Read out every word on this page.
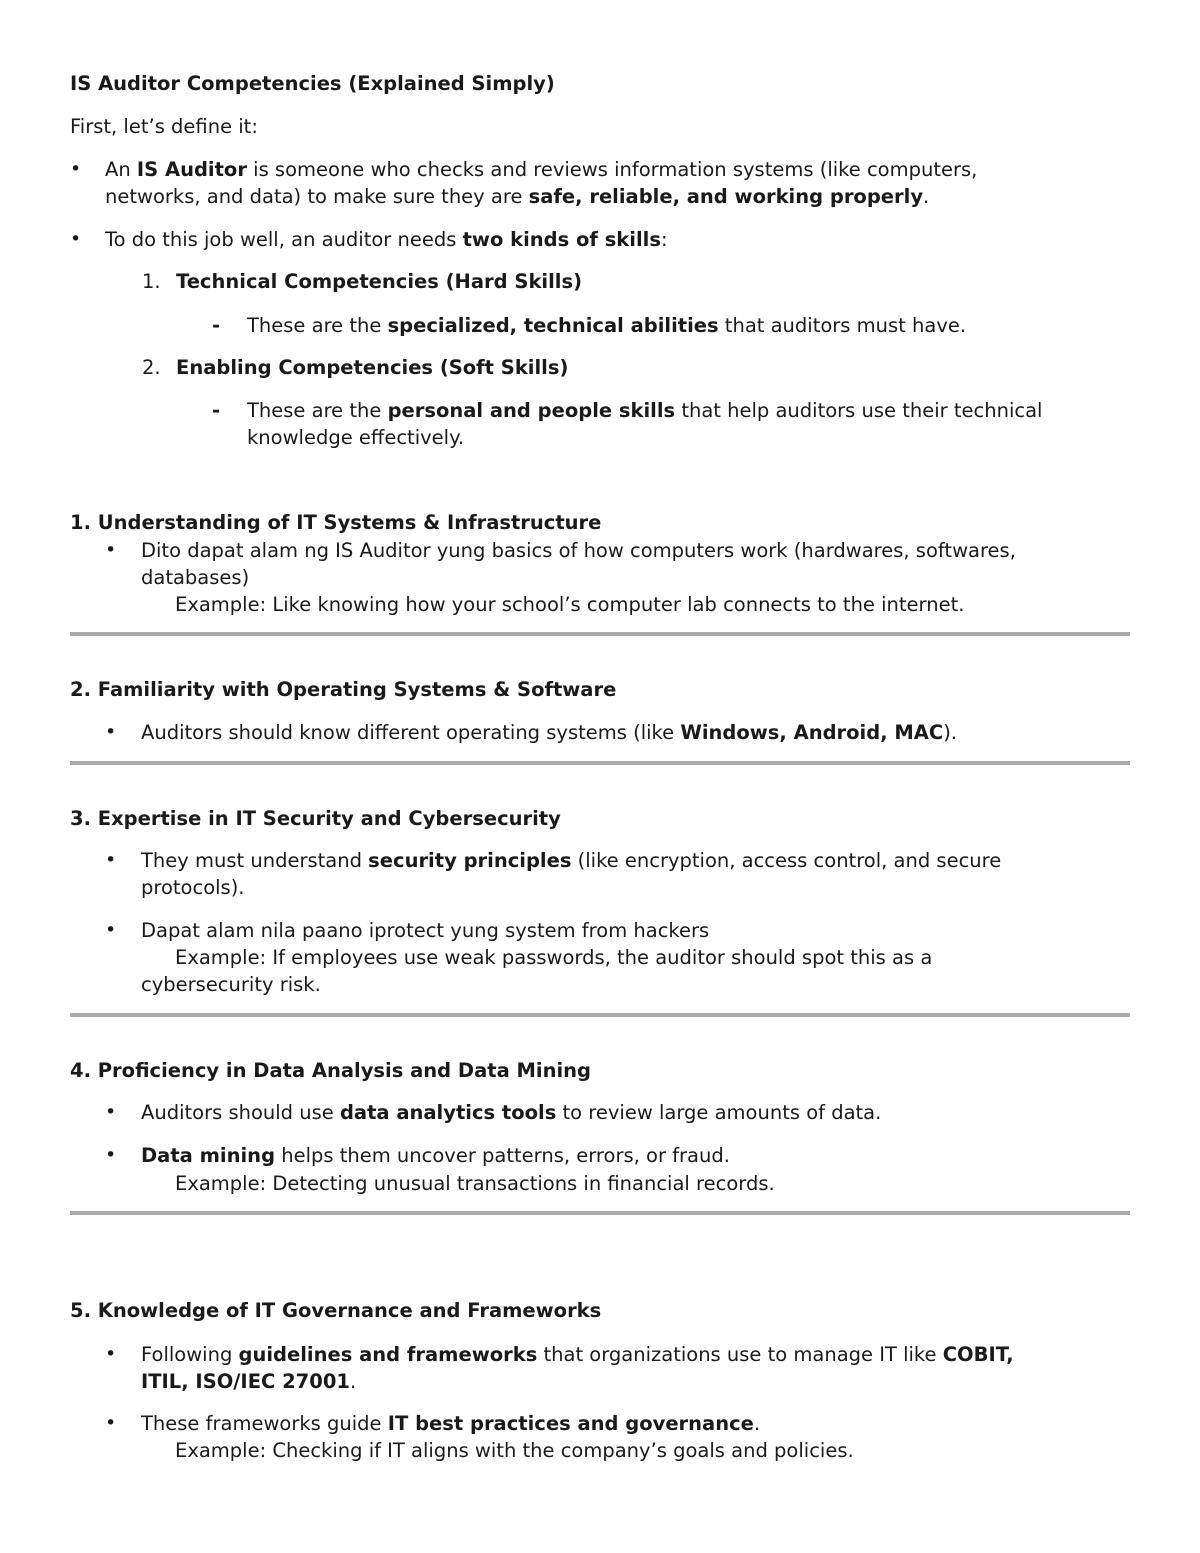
IS Auditor Competencies (Explained Simply)
First, let’s define it:
• An IS Auditor is someone who checks and reviews information systems (like computers,
networks, and data) to make sure they are safe, reliable, and working properly.
• To do this job well, an auditor needs two kinds of skills:
1. Technical Competencies (Hard Skills)
- These are the specialized, technical abilities that auditors must have.
2. Enabling Competencies (Soft Skills)
- These are the personal and people skills that help auditors use their technical
knowledge effectively.
1. Understanding of IT Systems & Infrastructure
• Dito dapat alam ng IS Auditor yung basics of how computers work (hardwares, softwares,
databases)
Example: Like knowing how your school’s computer lab connects to the internet.
2. Familiarity with Operating Systems & Software
• Auditors should know different operating systems (like Windows, Android, MAC).
3. Expertise in IT Security and Cybersecurity
• They must understand security principles (like encryption, access control, and secure
protocols).
• Dapat alam nila paano iprotect yung system from hackers
Example: If employees use weak passwords, the auditor should spot this as a
cybersecurity risk.
4. Proficiency in Data Analysis and Data Mining
• Auditors should use data analytics tools to review large amounts of data.
• Data mining helps them uncover patterns, errors, or fraud.
Example: Detecting unusual transactions in financial records.
5. Knowledge of IT Governance and Frameworks
• Following guidelines and frameworks that organizations use to manage IT like COBIT,
ITIL, ISO/IEC 27001.
• These frameworks guide IT best practices and governance.
Example: Checking if IT aligns with the company’s goals and policies.
